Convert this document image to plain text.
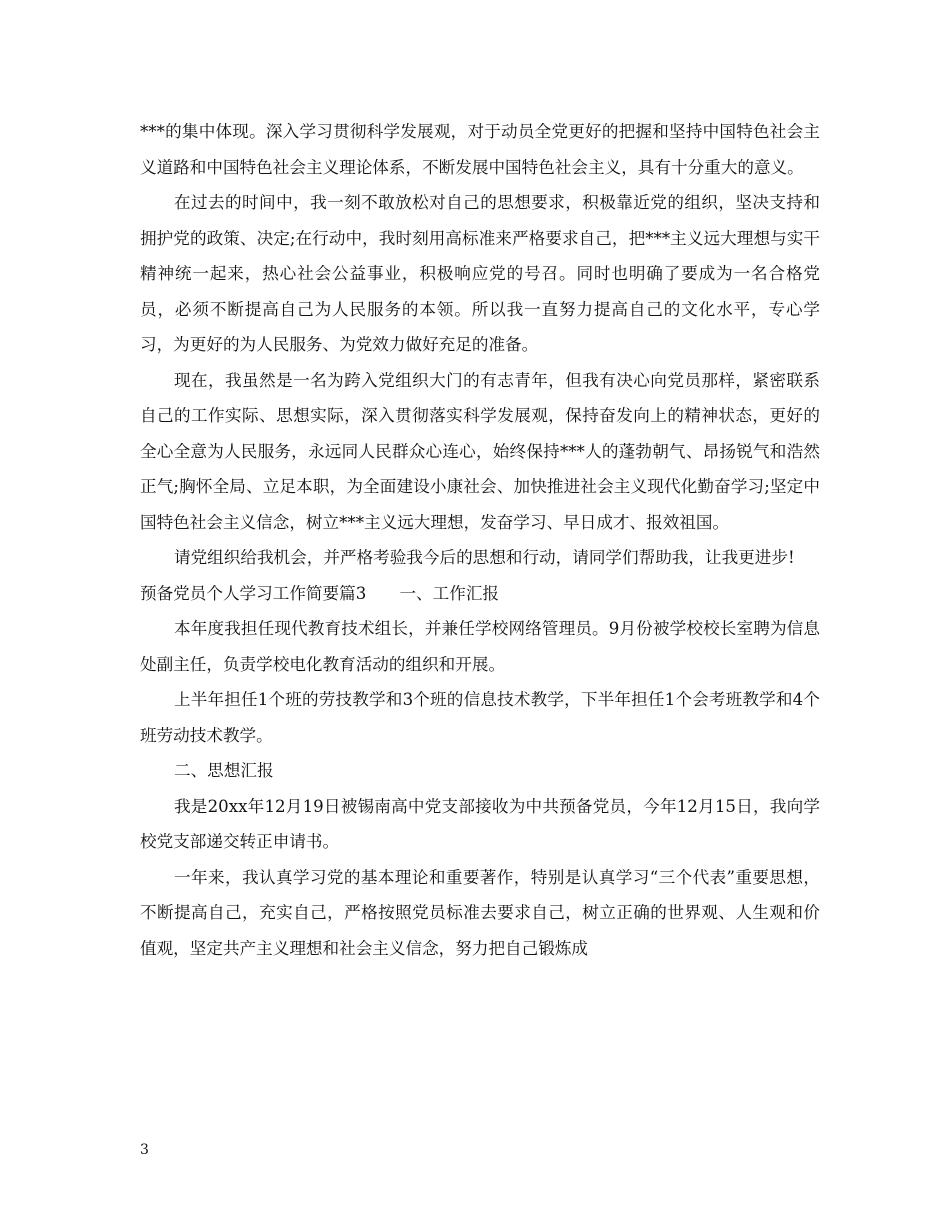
***的集中体现。深入学习贯彻科学发展观，对于动员全党更好的把握和坚持中国特色社会主义道路和中国特色社会主义理论体系，不断发展中国特色社会主义，具有十分重大的意义。

在过去的时间中，我一刻不敢放松对自己的思想要求，积极靠近党的组织，坚决支持和拥护党的政策、决定;在行动中，我时刻用高标准来严格要求自己，把***主义远大理想与实干精神统一起来，热心社会公益事业，积极响应党的号召。同时也明确了要成为一名合格党员，必须不断提高自己为人民服务的本领。所以我一直努力提高自己的文化水平，专心学习，为更好的为人民服务、为党效力做好充足的准备。

现在，我虽然是一名为跨入党组织大门的有志青年，但我有决心向党员那样，紧密联系自己的工作实际、思想实际，深入贯彻落实科学发展观，保持奋发向上的精神状态，更好的全心全意为人民服务，永远同人民群众心连心，始终保持***人的蓬勃朝气、昂扬锐气和浩然正气;胸怀全局、立足本职，为全面建设小康社会、加快推进社会主义现代化勤奋学习;坚定中国特色社会主义信念，树立***主义远大理想，发奋学习、早日成才、报效祖国。

请党组织给我机会，并严格考验我今后的思想和行动，请同学们帮助我，让我更进步!

预备党员个人学习工作简要篇3　　一、工作汇报

本年度我担任现代教育技术组长，并兼任学校网络管理员。9月份被学校校长室聘为信息处副主任，负责学校电化教育活动的组织和开展。

上半年担任1个班的劳技教学和3个班的信息技术教学，下半年担任1个会考班教学和4个班劳动技术教学。

二、思想汇报

我是20xx年12月19日被锡南高中党支部接收为中共预备党员，今年12月15日，我向学校党支部递交转正申请书。

一年来，我认真学习党的基本理论和重要著作，特别是认真学习“三个代表”重要思想，不断提高自己，充实自己，严格按照党员标准去要求自己，树立正确的世界观、人生观和价值观，坚定共产主义理想和社会主义信念，努力把自己锻炼成

3
